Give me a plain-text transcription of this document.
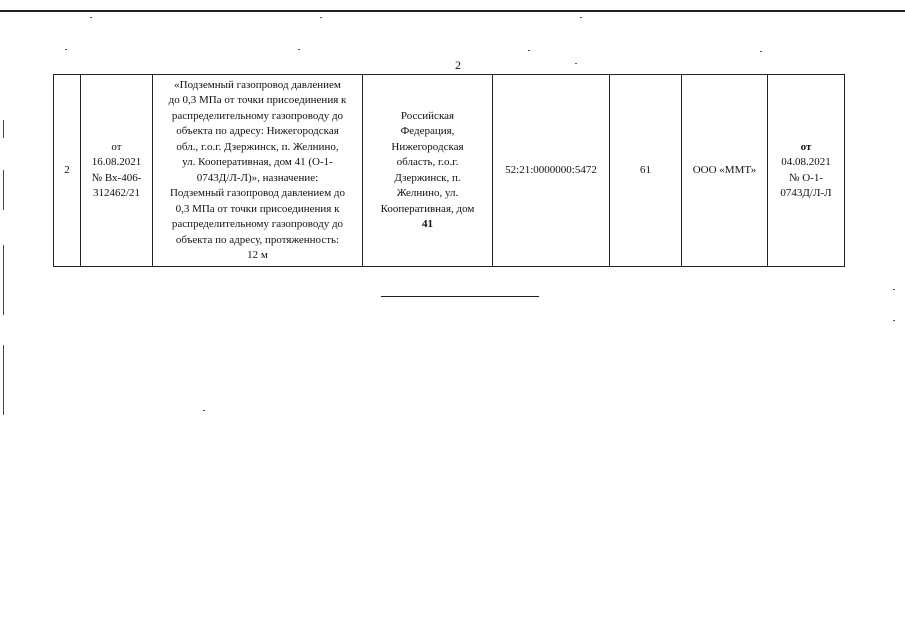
2
2

от
16.08.2021
№ Вх-406-
312462/21

«Подземный газопровод давлением
до 0,3 МПа от точки присоединения к
распределительному газопроводу до
объекта по адресу: Нижегородская
обл., г.о.г. Дзержинск, п. Желнино,
ул. Кооперативная, дом 41 (О-1-
0743Д/Л-Л)», назначение:
Подземный газопровод давлением до
0,3 МПа от точки присоединения к
распределительному газопроводу до
объекта по адресу, протяженность:
12 м

Российская
Федерация,
Нижегородская
область, г.о.г.
Дзержинск, п.
Желнино, ул.
Кооперативная, дом
41

52:21:0000000:5472	61	ООО «ММТ»

от
04.08.2021
№ О-1-
0743Д/Л-Л
